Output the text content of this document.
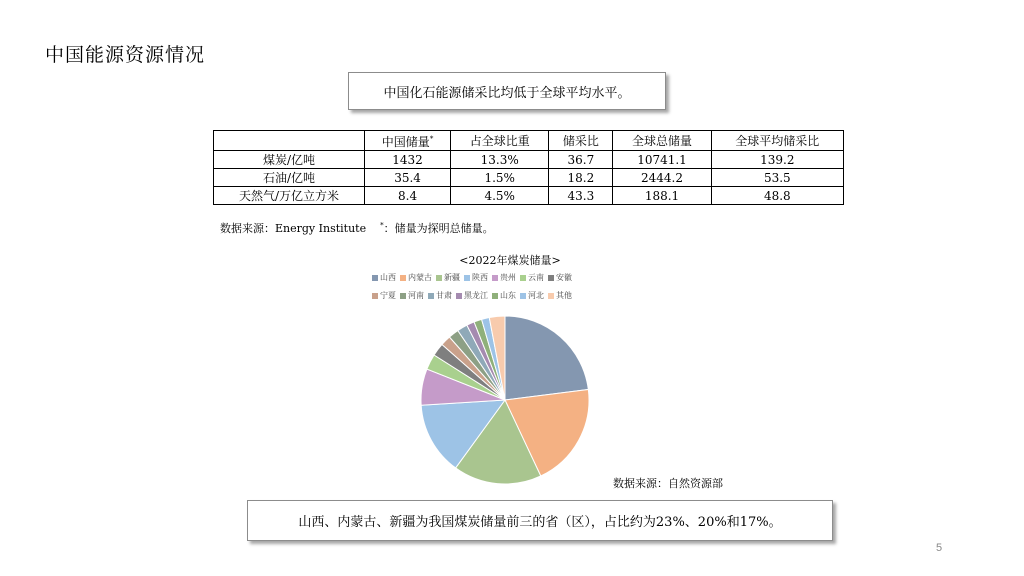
中国能源资源情况
中国化石能源储采比均低于全球平均水平。
	中国储量*	占全球比重	储采比	全球总储量	全球平均储采比
煤炭/亿吨	1432	13.3%	36.7	10741.1	139.2
石油/亿吨	35.4	1.5%	18.2	2444.2	53.5
天然气/万亿立方米	8.4	4.5%	43.3	188.1	48.8
数据来源：Energy Institute *：储量为探明总储量。
<2022年煤炭储量>
山西 内蒙古 新疆 陕西 贵州 云南 安徽
宁夏 河南 甘肃 黑龙江 山东 河北 其他
数据来源：自然资源部
山西、内蒙古、新疆为我国煤炭储量前三的省（区），占比约为23%、20%和17%。
5
